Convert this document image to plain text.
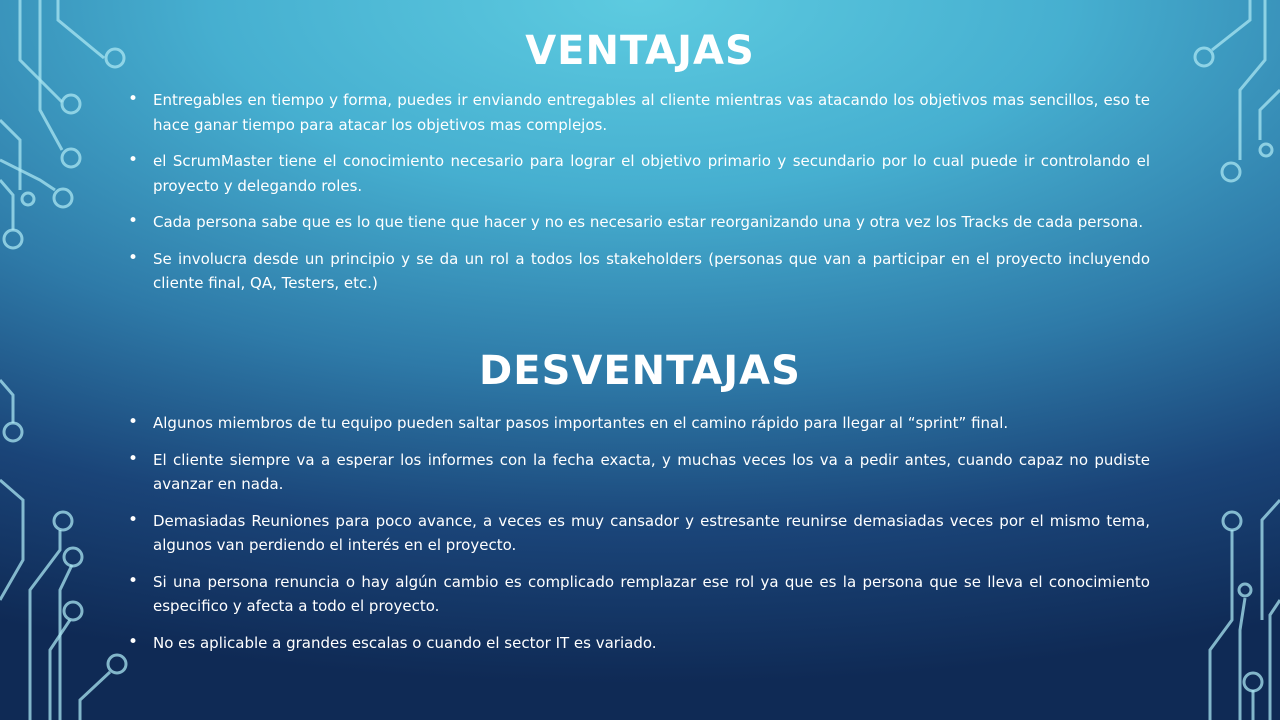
VENTAJAS
• Entregables en tiempo y forma, puedes ir enviando entregables al cliente mientras vas atacando los objetivos mas sencillos, eso te hace ganar tiempo para atacar los objetivos mas complejos.
• el ScrumMaster tiene el conocimiento necesario para lograr el objetivo primario y secundario por lo cual puede ir controlando el proyecto y delegando roles.
• Cada persona sabe que es lo que tiene que hacer y no es necesario estar reorganizando una y otra vez los Tracks de cada persona.
• Se involucra desde un principio y se da un rol a todos los stakeholders (personas que van a participar en el proyecto incluyendo cliente final, QA, Testers, etc.)
DESVENTAJAS
• Algunos miembros de tu equipo pueden saltar pasos importantes en el camino rápido para llegar al “sprint” final.
• El cliente siempre va a esperar los informes con la fecha exacta, y muchas veces los va a pedir antes, cuando capaz no pudiste avanzar en nada.
• Demasiadas Reuniones para poco avance, a veces es muy cansador y estresante reunirse demasiadas veces por el mismo tema, algunos van perdiendo el interés en el proyecto.
• Si una persona renuncia o hay algún cambio es complicado remplazar ese rol ya que es la persona que se lleva el conocimiento especifico y afecta a todo el proyecto.
• No es aplicable a grandes escalas o cuando el sector IT es variado.
